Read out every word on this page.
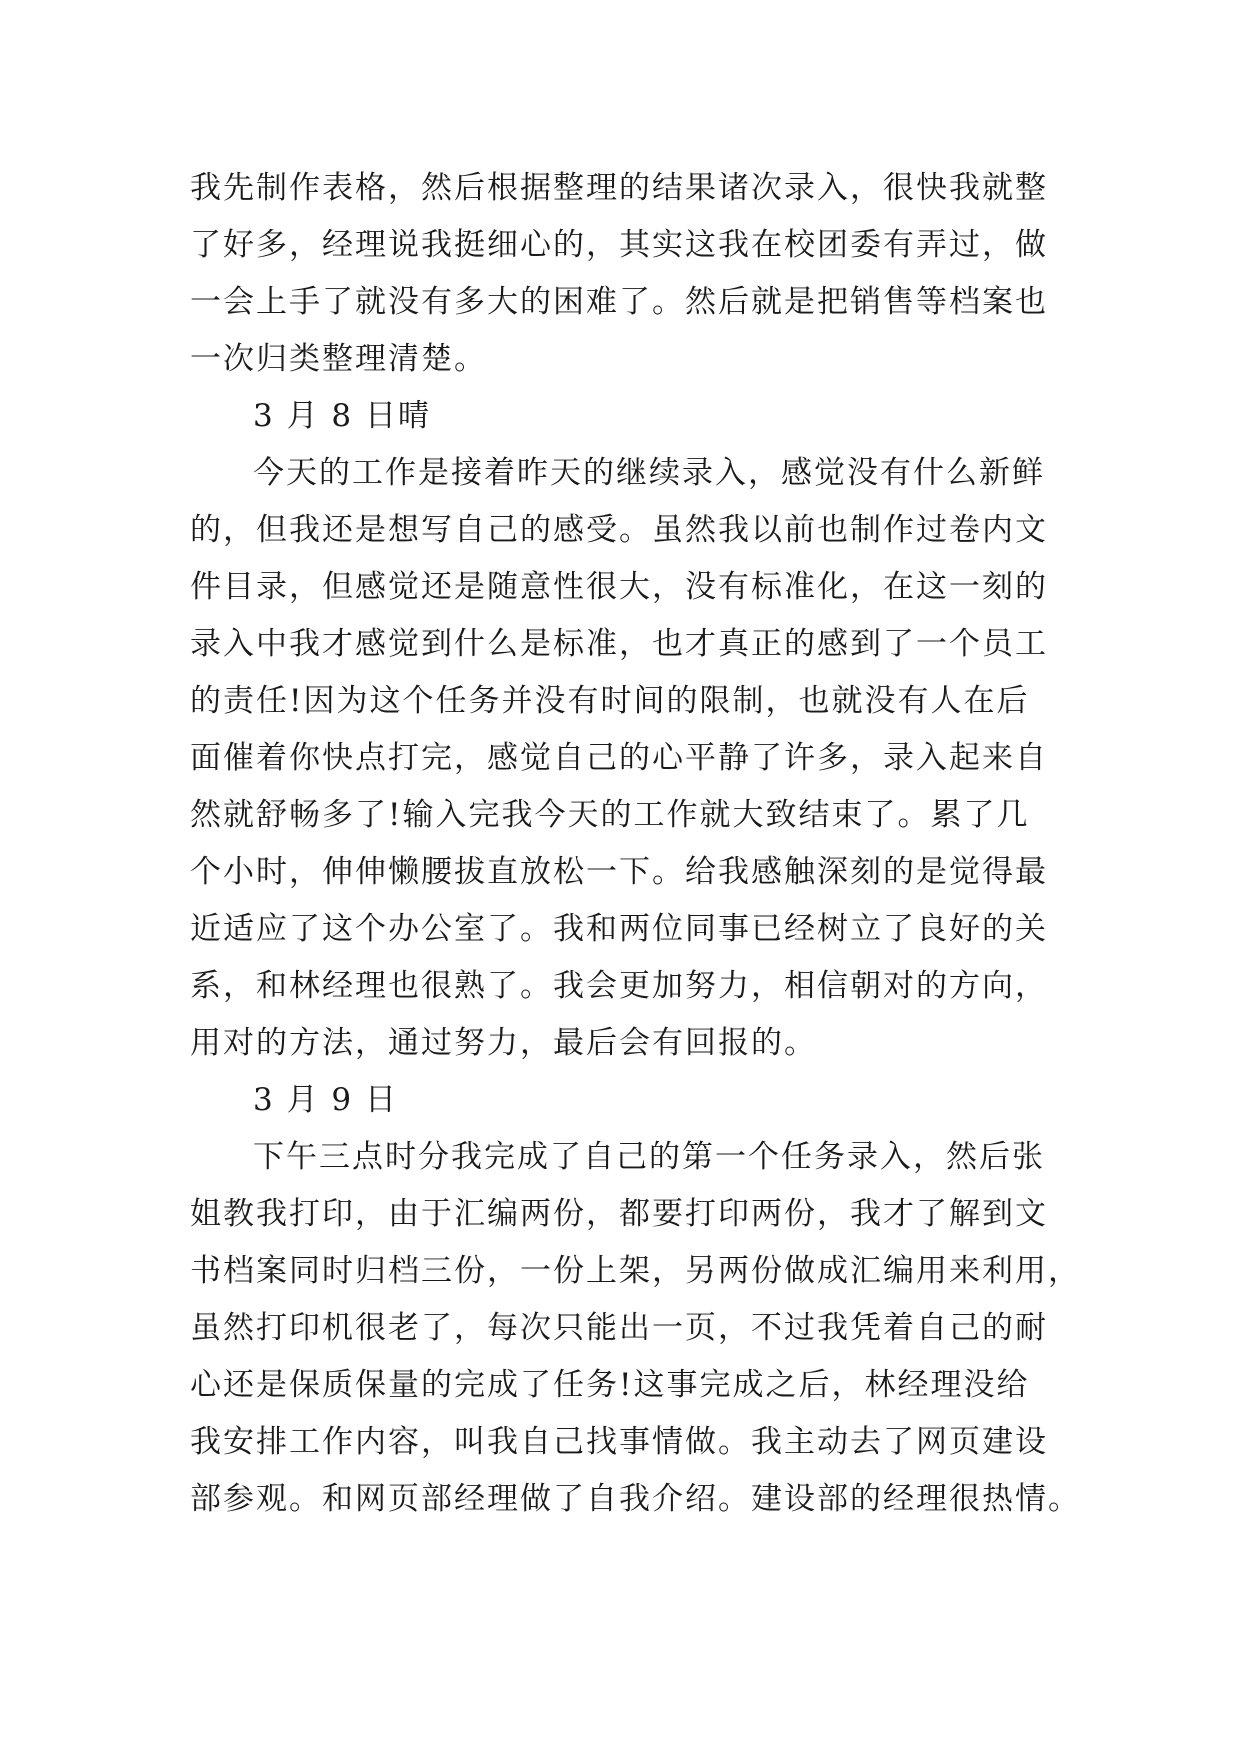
我先制作表格，然后根据整理的结果诸次录入，很快我就整
了好多，经理说我挺细心的，其实这我在校团委有弄过，做
一会上手了就没有多大的困难了。然后就是把销售等档案也
一次归类整理清楚。
3 月 8 日晴
今天的工作是接着昨天的继续录入，感觉没有什么新鲜
的，但我还是想写自己的感受。虽然我以前也制作过卷内文
件目录，但感觉还是随意性很大，没有标准化，在这一刻的
录入中我才感觉到什么是标准，也才真正的感到了一个员工
的责任!因为这个任务并没有时间的限制，也就没有人在后
面催着你快点打完，感觉自己的心平静了许多，录入起来自
然就舒畅多了!输入完我今天的工作就大致结束了。累了几
个小时，伸伸懒腰拔直放松一下。给我感触深刻的是觉得最
近适应了这个办公室了。我和两位同事已经树立了良好的关
系，和林经理也很熟了。我会更加努力，相信朝对的方向，
用对的方法，通过努力，最后会有回报的。
3 月 9 日
下午三点时分我完成了自己的第一个任务录入，然后张
姐教我打印，由于汇编两份，都要打印两份，我才了解到文
书档案同时归档三份，一份上架，另两份做成汇编用来利用，
虽然打印机很老了，每次只能出一页，不过我凭着自己的耐
心还是保质保量的完成了任务!这事完成之后，林经理没给
我安排工作内容，叫我自己找事情做。我主动去了网页建设
部参观。和网页部经理做了自我介绍。建设部的经理很热情。
